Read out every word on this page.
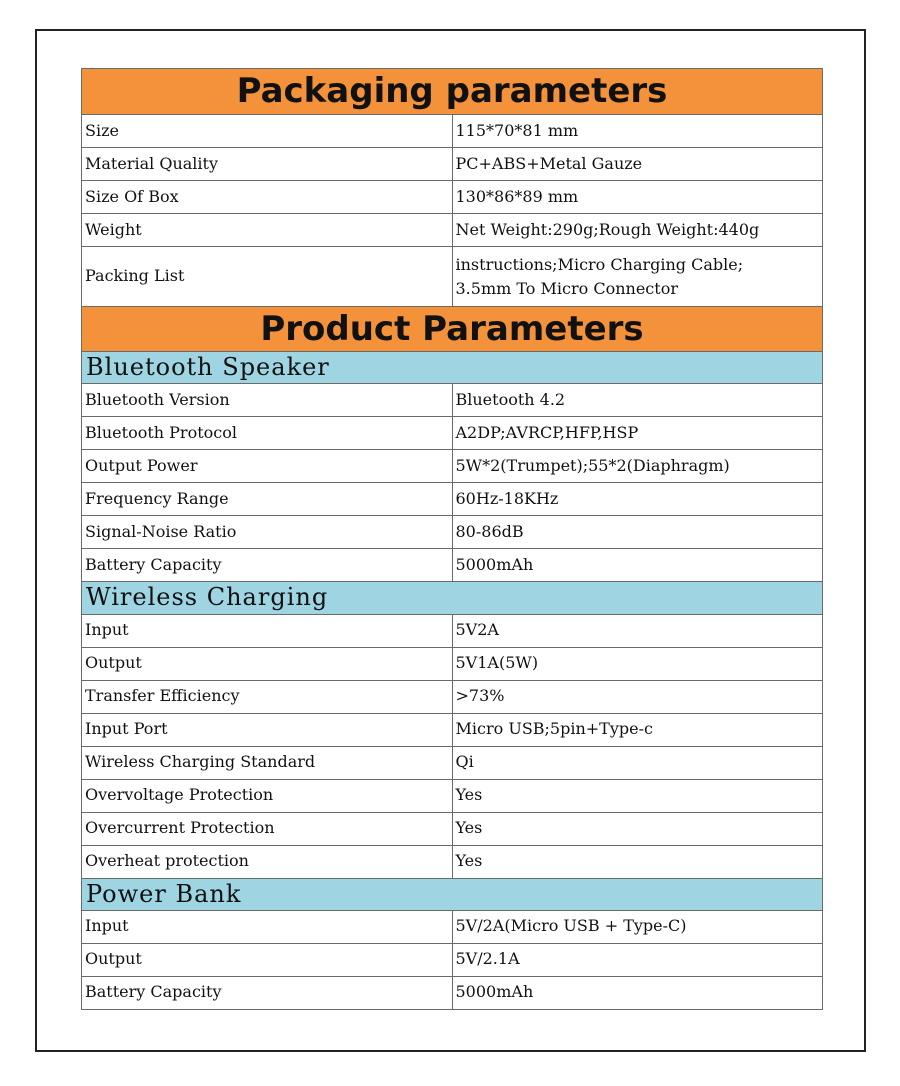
Packaging parameters	
Size	115*70*81 mm
Material Quality	PC+ABS+Metal Gauze
Size Of Box	130*86*89 mm
Weight	Net Weight:290g;Rough Weight:440g
Packing List	instructions;Micro Charging Cable;
3.5mm To Micro Connector

Product Parameters	
Bluetooth Speaker	
Bluetooth Version	Bluetooth 4.2
Bluetooth Protocol	A2DP;AVRCP,HFP,HSP
Output Power	5W*2(Trumpet);55*2(Diaphragm)
Frequency Range	60Hz-18KHz
Signal-Noise Ratio	80-86dB
Battery Capacity	5000mAh
Wireless Charging	
Input	5V2A
Output	5V1A(5W)
Transfer Efficiency	>73%
Input Port	Micro USB;5pin+Type-c
Wireless Charging Standard	Qi
Overvoltage Protection	Yes
Overcurrent Protection	Yes
Overheat protection	Yes
Power Bank	
Input	5V/2A(Micro USB + Type-C)
Output	5V/2.1A
Battery Capacity	5000mAh
